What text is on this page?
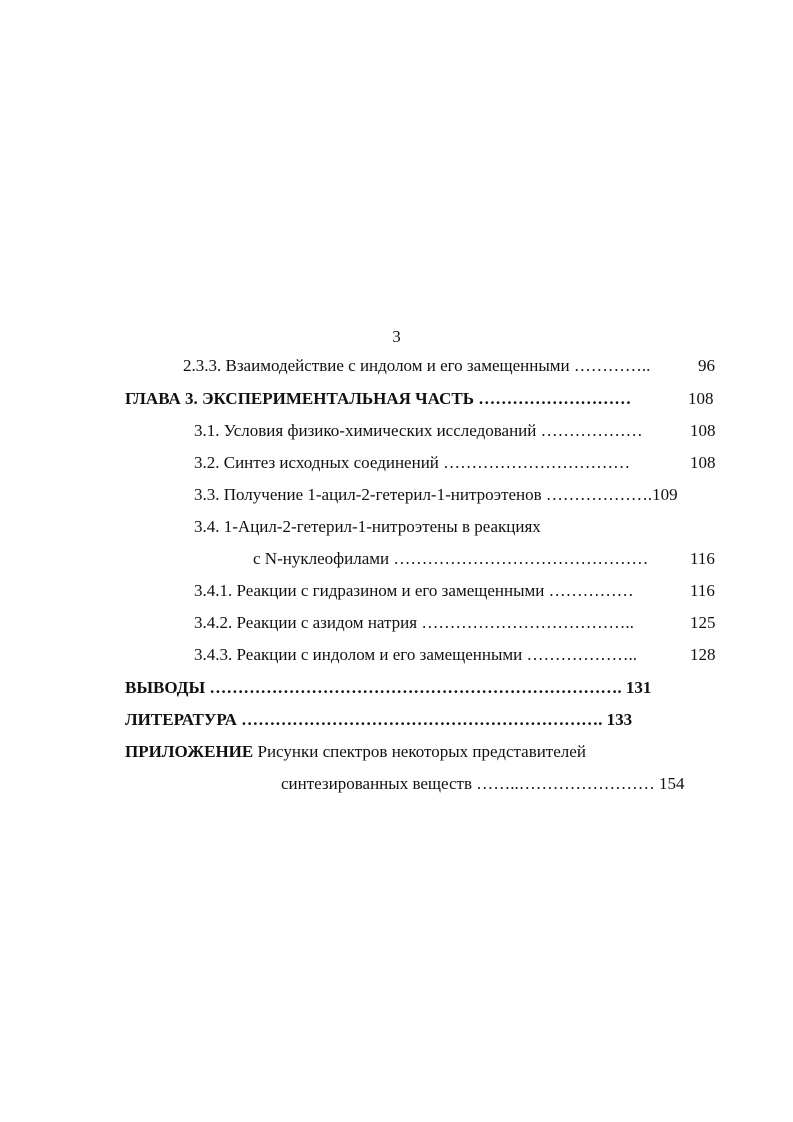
3
2.3.3. Взаимодействие с индолом и его замещенными …………..	96
ГЛАВА 3. ЭКСПЕРИМЕНТАЛЬНАЯ ЧАСТЬ ………………………	108
3.1. Условия физико-химических исследований ………………	108
3.2. Синтез исходных соединений ……………………………	108
3.3. Получение 1-ацил-2-гетерил-1-нитроэтенов ……………….109
3.4. 1-Ацил-2-гетерил-1-нитроэтены в реакциях
с N-нуклеофилами ……………………………………… 116
3.4.1. Реакции с гидразином и его замещенными ……………	116
3.4.2. Реакции с азидом натрия ………………………………..	125
3.4.3. Реакции с индолом и его замещенными ………………..	128
ВЫВОДЫ ………………………………………………………………. 131
ЛИТЕРАТУРА ………………………………………………………. 133
ПРИЛОЖЕНИЕ Рисунки спектров некоторых представителей
синтезированных веществ ……..…………………… 154
